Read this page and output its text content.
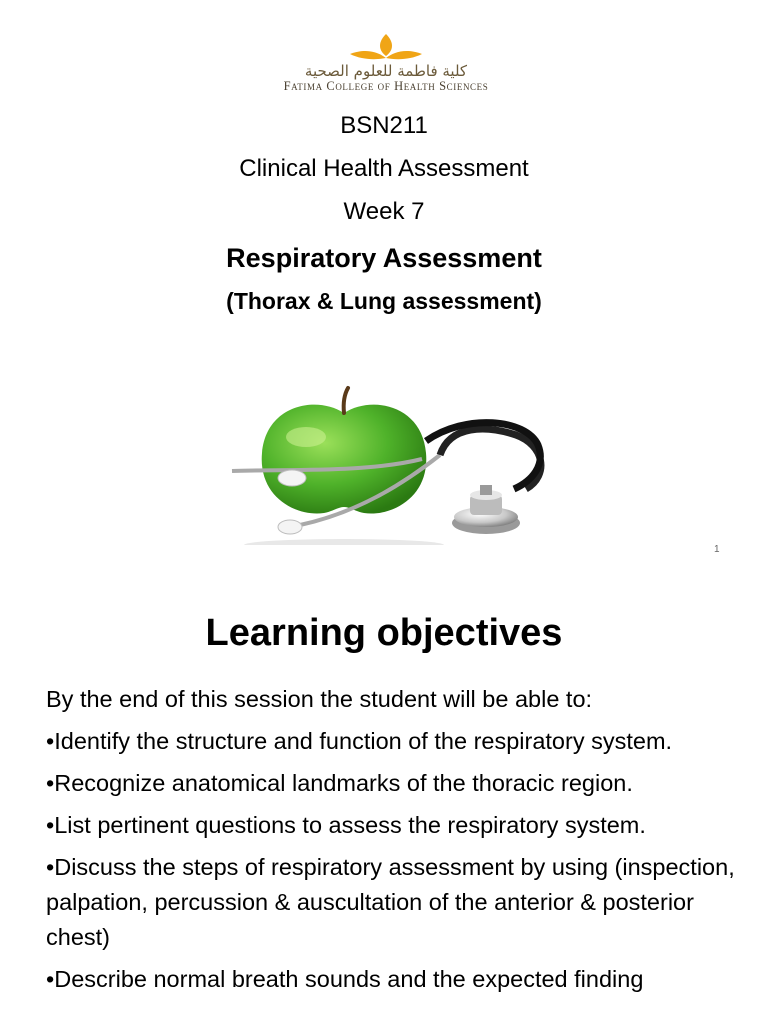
كلية فاطمة للعلوم الصحية
Fatima College of Health Sciences
BSN211
Clinical Health Assessment
Week 7
Respiratory Assessment
(Thorax & Lung assessment)
1
Learning objectives
By the end of this session the student will be able to:
•Identify the structure and function of the respiratory system.
•Recognize anatomical landmarks of the thoracic region.
•List pertinent questions to assess the respiratory system.
•Discuss the steps of respiratory assessment by using (inspection, palpation, percussion & auscultation of the anterior & posterior chest)
•Describe normal breath sounds and the expected finding
